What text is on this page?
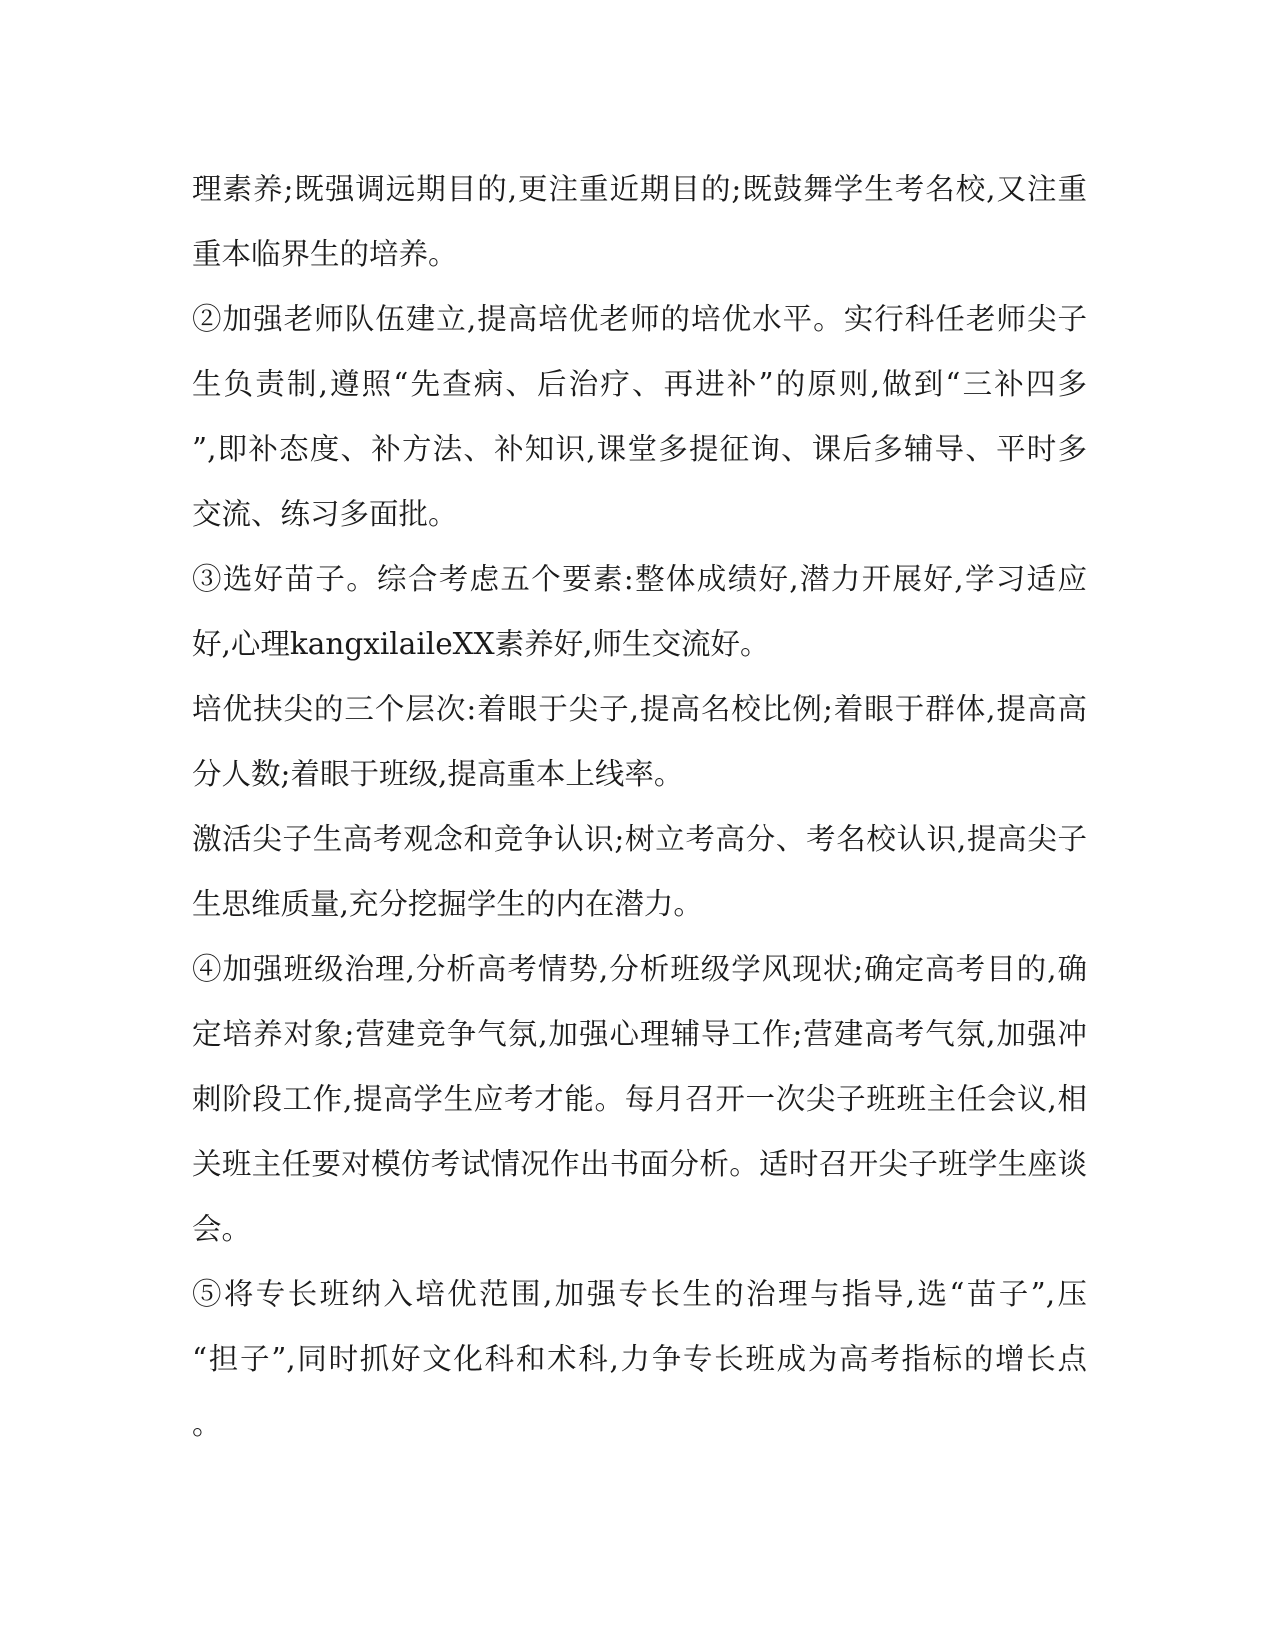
理素养;既强调远期目的,更注重近期目的;既鼓舞学生考名校,又注重
重本临界生的培养。
②加强老师队伍建立,提高培优老师的培优水平。实行科任老师尖子
生负责制,遵照“先查病、后治疗、再进补”的原则,做到“三补四多
”,即补态度、补方法、补知识,课堂多提征询、课后多辅导、平时多
交流、练习多面批。
③选好苗子。综合考虑五个要素:整体成绩好,潜力开展好,学习适应
好,心理kangxilaileXX素养好,师生交流好。
培优扶尖的三个层次:着眼于尖子,提高名校比例;着眼于群体,提高高
分人数;着眼于班级,提高重本上线率。
激活尖子生高考观念和竞争认识;树立考高分、考名校认识,提高尖子
生思维质量,充分挖掘学生的内在潜力。
④加强班级治理,分析高考情势,分析班级学风现状;确定高考目的,确
定培养对象;营建竞争气氛,加强心理辅导工作;营建高考气氛,加强冲
刺阶段工作,提高学生应考才能。每月召开一次尖子班班主任会议,相
关班主任要对模仿考试情况作出书面分析。适时召开尖子班学生座谈
会。
⑤将专长班纳入培优范围,加强专长生的治理与指导,选“苗子”,压
“担子”,同时抓好文化科和术科,力争专长班成为高考指标的增长点
。
